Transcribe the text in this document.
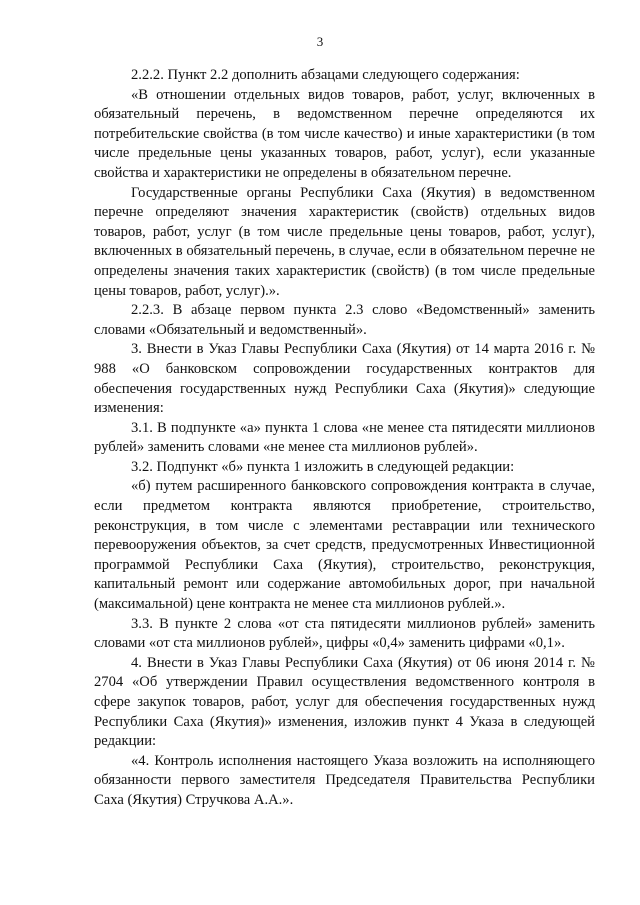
3

2.2.2. Пункт 2.2 дополнить абзацами следующего содержания:

«В отношении отдельных видов товаров, работ, услуг, включенных в обязательный перечень, в ведомственном перечне определяются их потребительские свойства (в том числе качество) и иные характеристики (в том числе предельные цены указанных товаров, работ, услуг), если указанные свойства и характеристики не определены в обязательном перечне.

Государственные органы Республики Саха (Якутия) в ведомственном перечне определяют значения характеристик (свойств) отдельных видов товаров, работ, услуг (в том числе предельные цены товаров, работ, услуг), включенных в обязательный перечень, в случае, если в обязательном перечне не определены значения таких характеристик (свойств) (в том числе предельные цены товаров, работ, услуг).».

2.2.3. В абзаце первом пункта 2.3 слово «Ведомственный» заменить словами «Обязательный и ведомственный».

3. Внести в Указ Главы Республики Саха (Якутия) от 14 марта 2016 г. № 988 «О банковском сопровождении государственных контрактов для обеспечения государственных нужд Республики Саха (Якутия)» следующие изменения:

3.1. В подпункте «а» пункта 1 слова «не менее ста пятидесяти миллионов рублей» заменить словами «не менее ста миллионов рублей».

3.2. Подпункт «б» пункта 1 изложить в следующей редакции:

«б) путем расширенного банковского сопровождения контракта в случае, если предметом контракта являются приобретение, строительство, реконструкция, в том числе с элементами реставрации или технического перевооружения объектов, за счет средств, предусмотренных Инвестиционной программой Республики Саха (Якутия), строительство, реконструкция, капитальный ремонт или содержание автомобильных дорог, при начальной (максимальной) цене контракта не менее ста миллионов рублей.».

3.3. В пункте 2 слова «от ста пятидесяти миллионов рублей» заменить словами «от ста миллионов рублей», цифры «0,4» заменить цифрами «0,1».

4. Внести в Указ Главы Республики Саха (Якутия) от 06 июня 2014 г. № 2704 «Об утверждении Правил осуществления ведомственного контроля в сфере закупок товаров, работ, услуг для обеспечения государственных нужд Республики Саха (Якутия)» изменения, изложив пункт 4 Указа в следующей редакции:

«4. Контроль исполнения настоящего Указа возложить на исполняющего обязанности первого заместителя Председателя Правительства Республики Саха (Якутия) Стручкова А.А.».
